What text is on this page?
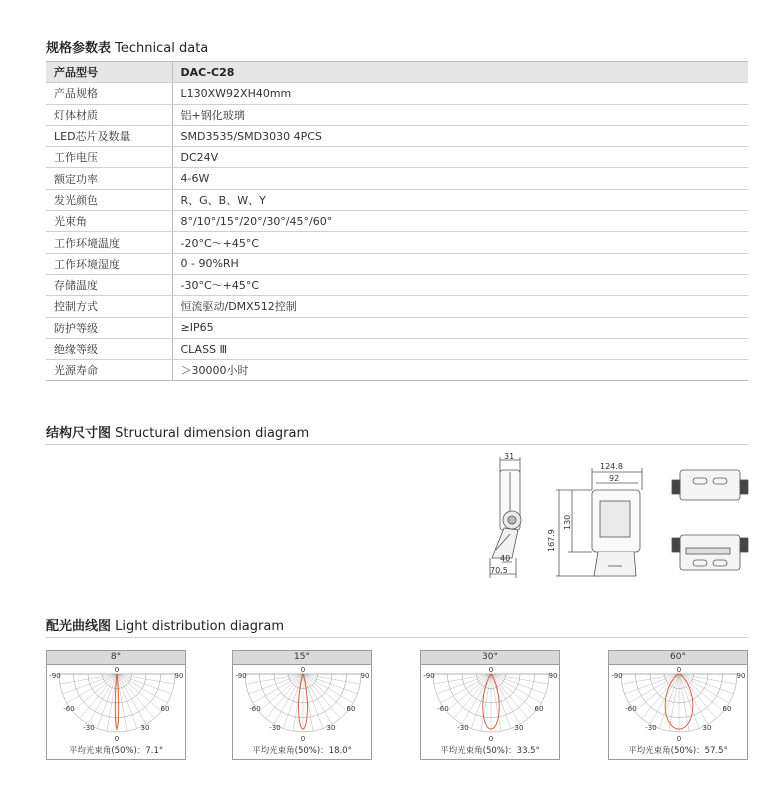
规格参数表 Technical data
产品型号	DAC-C28
产品规格	L130XW92XH40mm
灯体材质	铝+钢化玻璃
LED芯片及数量	SMD3535/SMD3030 4PCS
工作电压	DC24V
额定功率	4-6W
发光颜色	R、G、B、W、Y
光束角	8°/10°/15°/20°/30°/45°/60°
工作环境温度	-20°C～+45°C
工作环境湿度	0 - 90%RH
存储温度	-30°C～+45°C
控制方式	恒流驱动/DMX512控制
防护等级	≥IP65
绝缘等级	CLASS Ⅲ
光源寿命	＞30000小时
结构尺寸图 Structural dimension diagram
31
40
70.5
124.8
92
167.9
130
配光曲线图 Light distribution diagram
8°
-90	90
-60	60
-30	30
0
0
平均光束角(50%)：7.1°
15°
-90	90
-60	60
-30	30
0
0
平均光束角(50%)：18.0°
30°
-90	90
-60	60
-30	30
0
0
平均光束角(50%)：33.5°
60°
-90	90
-60	60
-30	30
0
0
平均光束角(50%)：57.5°
